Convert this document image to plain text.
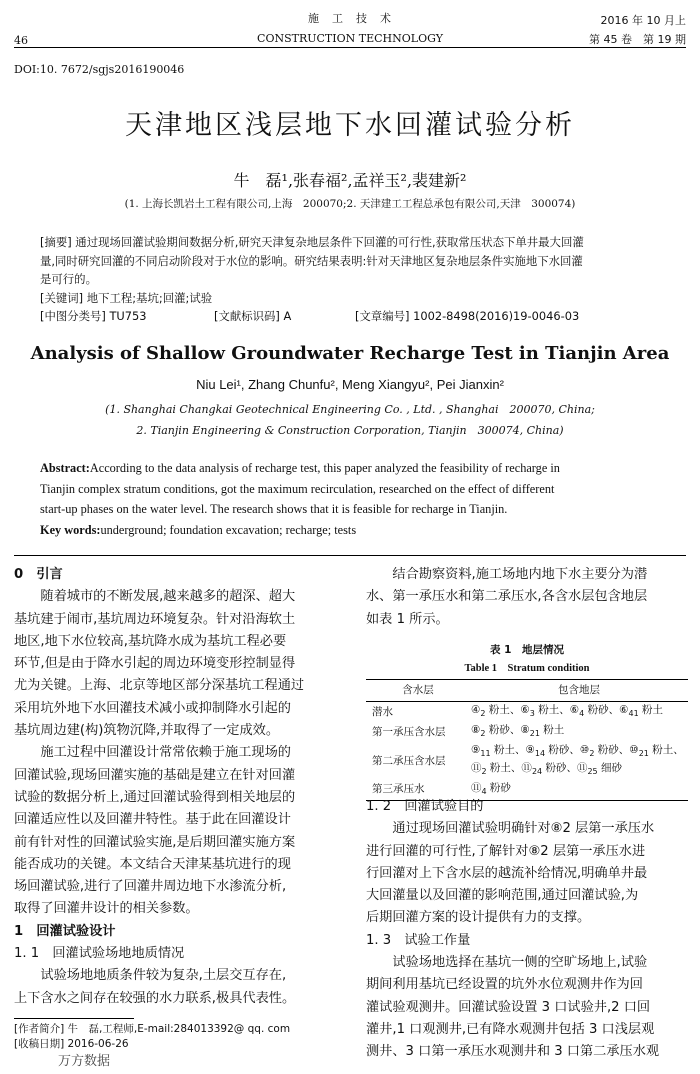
46
施　工　技　术
CONSTRUCTION TECHNOLOGY
2016 年 10 月上
第 45 卷　第 19 期
DOI:10. 7672/sgjs2016190046
天津地区浅层地下水回灌试验分析
牛　磊¹,张春福²,孟祥玉²,裴建新²
(1. 上海长凯岩土工程有限公司,上海　200070;2. 天津建工工程总承包有限公司,天津　300074)
[摘要] 通过现场回灌试验期间数据分析,研究天津复杂地层条件下回灌的可行性,获取常压状态下单井最大回灌
量,同时研究回灌的不同启动阶段对于水位的影响。研究结果表明:针对天津地区复杂地层条件实施地下水回灌
是可行的。
[关键词] 地下工程;基坑;回灌;试验
[中图分类号] TU753	[文献标识码] A	[文章编号] 1002-8498(2016)19-0046-03
Analysis of Shallow Groundwater Recharge Test in Tianjin Area
Niu Lei¹, Zhang Chunfu², Meng Xiangyu², Pei Jianxin²
(1. Shanghai Changkai Geotechnical Engineering Co. , Ltd. , Shanghai　200070, China;
2. Tianjin Engineering & Construction Corporation, Tianjin　300074, China)
Abstract:According to the data analysis of recharge test, this paper analyzed the feasibility of recharge in
Tianjin complex stratum conditions, got the maximum recirculation, researched on the effect of different
start-up phases on the water level. The research shows that it is feasible for recharge in Tianjin.
Key words:underground; foundation excavation; recharge; tests

0　引言

随着城市的不断发展,越来越多的超深、超大
基坑建于闹市,基坑周边环境复杂。针对沿海软土
地区,地下水位较高,基坑降水成为基坑工程必要
环节,但是由于降水引起的周边环境变形控制显得
尤为关键。上海、北京等地区部分深基坑工程通过
采用坑外地下水回灌技术减小或抑制降水引起的
基坑周边建(构)筑物沉降,并取得了一定成效。

施工过程中回灌设计常常依赖于施工现场的
回灌试验,现场回灌实施的基础是建立在针对回灌
试验的数据分析上,通过回灌试验得到相关地层的
回灌适应性以及回灌井特性。基于此在回灌设计
前有针对性的回灌试验实施,是后期回灌实施方案
能否成功的关键。本文结合天津某基坑进行的现
场回灌试验,进行了回灌井周边地下水渗流分析,
取得了回灌井设计的相关参数。

1　回灌试验设计

1. 1　回灌试验场地地质情况

试验场地地质条件较为复杂,土层交互存在,
上下含水之间存在较强的水力联系,极具代表性。

[作者简介] 牛　磊,工程师,E-mail:284013392@ qq. com
[收稿日期] 2016-06-26
万方数据

结合勘察资料,施工场地内地下水主要分为潜
水、第一承压水和第二承压水,各含水层包含地层
如表 1 所示。

表 1　地层情况
Table 1　Stratum condition
含水层	包含地层
潜水	$④_2$ 粉土、$⑥_3$ 粉土、$⑥_4$ 粉砂、$⑥_{41}$ 粉土
第一承压含水层	$⑧_2$ 粉砂、$⑧_{21}$ 粉土
第二承压含水层	$⑨_{11}$ 粉土、$⑨_{14}$ 粉砂、$⑩_2$ 粉砂、$⑩_{21}$ 粉土、
$⑪_2$ 粉土、$⑪_{24}$ 粉砂、$⑪_{25}$ 细砂
第三承压水	$⑪_4$ 粉砂

1. 2　回灌试验目的

通过现场回灌试验明确针对⑧2 层第一承压水
进行回灌的可行性,了解针对⑧2 层第一承压水进
行回灌对上下含水层的越流补给情况,明确单井最
大回灌量以及回灌的影响范围,通过回灌试验,为
后期回灌方案的设计提供有力的支撑。

1. 3　试验工作量

试验场地选择在基坑一侧的空旷场地上,试验
期间利用基坑已经设置的坑外水位观测井作为回
灌试验观测井。回灌试验设置 3 口试验井,2 口回
灌井,1 口观测井,已有降水观测井包括 3 口浅层观
测井、3 口第一承压水观测井和 3 口第二承压水观
